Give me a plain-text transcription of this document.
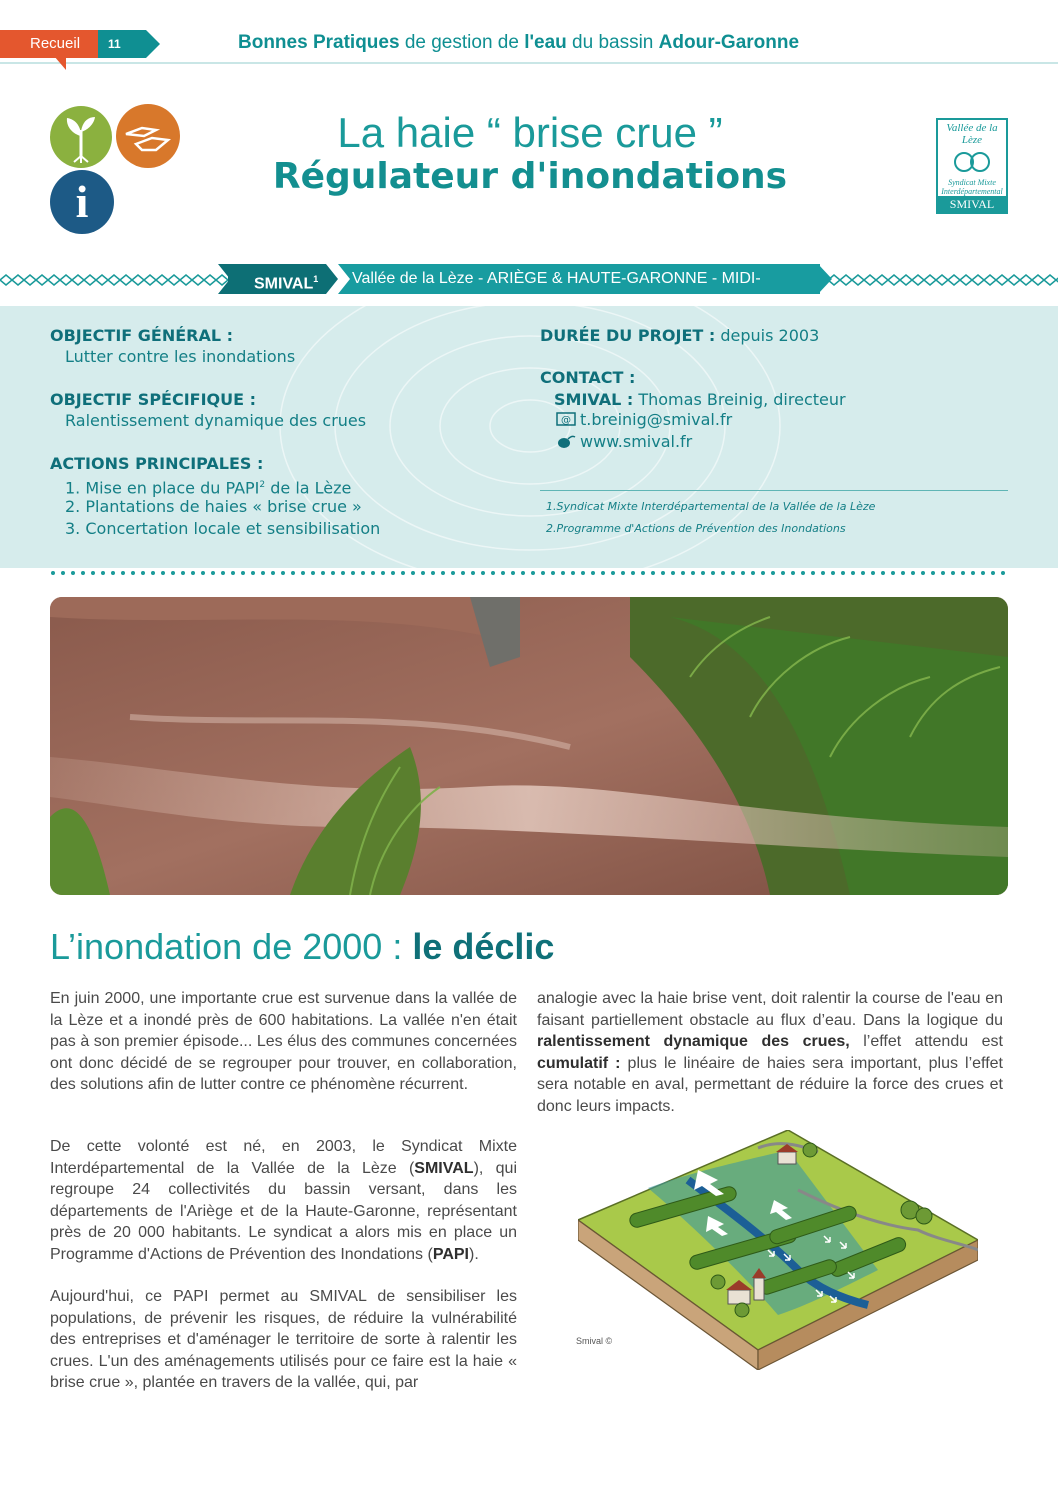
Recueil	11	Bonnes Pratiques de gestion de l'eau du bassin Adour-Garonne
i
La haie “ brise crue ”
Régulateur d'inondations
Vallée de la Lèze
Syndicat Mixte Interdépartemental
SMIVAL
SMIVAL$^1$	Vallée de la Lèze - ARIÈGE & HAUTE-GARONNE - MIDI-
OBJECTIF GÉNÉRAL :
Lutter contre les inondations
OBJECTIF SPÉCIFIQUE :
Ralentissement dynamique des crues
ACTIONS PRINCIPALES :
1. Mise en place du PAPI$^2$ de la Lèze
2. Plantations de haies « brise crue »
3. Concertation locale et sensibilisation
DURÉE DU PROJET : depuis 2003
CONTACT :
SMIVAL : Thomas Breinig, directeur
@ t.breinig@smival.fr
www.smival.fr
1.Syndicat Mixte Interdépartemental de la Vallée de la Lèze
2.Programme d'Actions de Prévention des Inondations
L’inondation de 2000 : le déclic
En juin 2000, une importante crue est survenue dans la vallée de la Lèze et a inondé près de 600 habitations. La vallée n'en était pas à son premier épisode... Les élus des communes concernées ont donc décidé de se regrouper pour trouver, en collaboration, des solutions afin de lutter contre ce phénomène récurrent.
De cette volonté est né, en 2003, le Syndicat Mixte Interdépartemental de la Vallée de la Lèze (SMIVAL), qui regroupe 24 collectivités du bassin versant, dans les départements de l'Ariège et de la Haute-Garonne, représentant près de 20 000 habitants. Le syndicat a alors mis en place un Programme d'Actions de Prévention des Inondations (PAPI).
Aujourd'hui, ce PAPI permet au SMIVAL de sensibiliser les populations, de prévenir les risques, de réduire la vulnérabilité des entreprises et d'aménager le territoire de sorte à ralentir les crues. L'un des aménagements utilisés pour ce faire est la haie « brise crue », plantée en travers de la vallée, qui, par
analogie avec la haie brise vent, doit ralentir la course de l'eau en faisant partiellement obstacle au flux d’eau. Dans la logique du ralentissement dynamique des crues, l’effet attendu est cumulatif : plus le linéaire de haies sera important, plus l’effet sera notable en aval, permettant de réduire la force des crues et donc leurs impacts.
Smival ©
